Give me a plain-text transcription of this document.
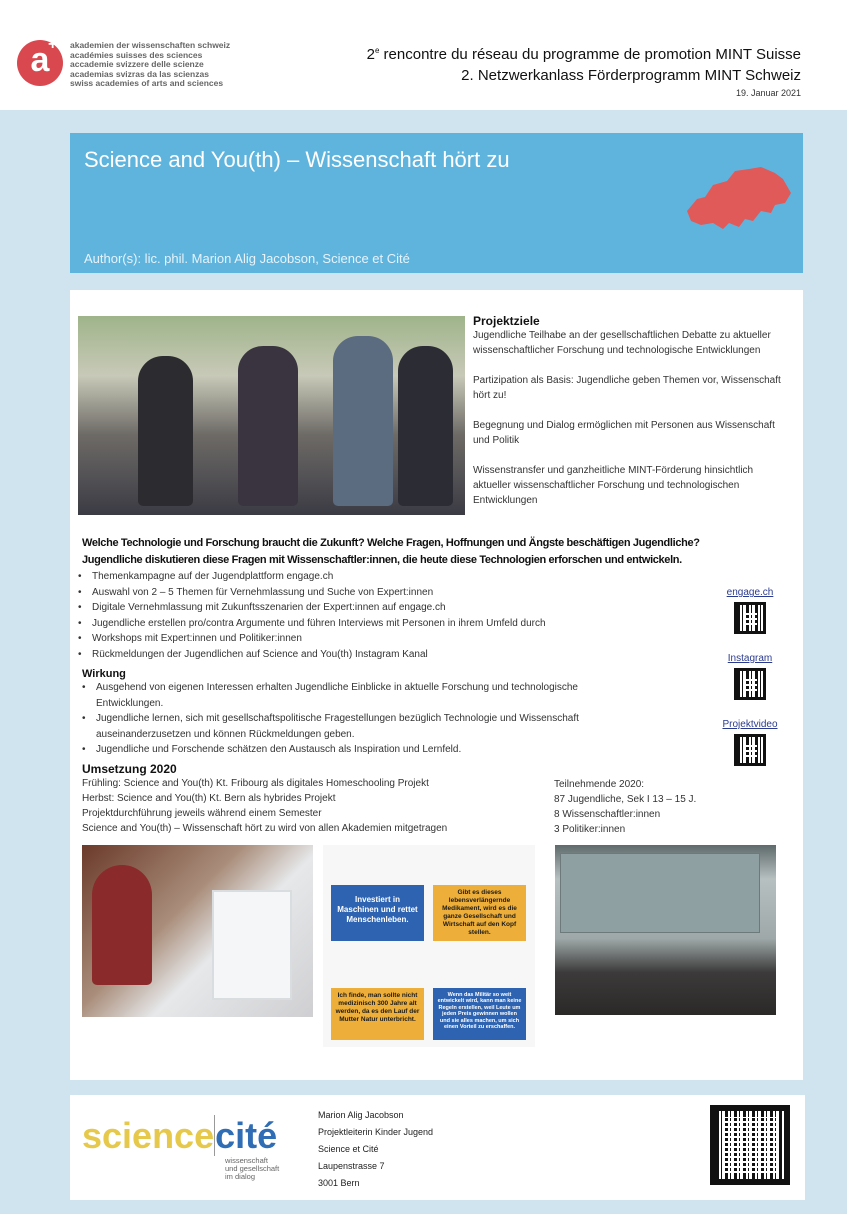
a
+ akademien der wissenschaften schweiz
académies suisses des sciences
accademie svizzere delle scienze
academias svizras da las scienzas
swiss academies of arts and sciences
2e rencontre du réseau du programme de promotion MINT Suisse
2. Netzwerkanlass Förderprogramm MINT Schweiz
19. Januar 2021
Science and You(th) – Wissenschaft hört zu
Author(s): lic. phil. Marion Alig Jacobson, Science et Cité
Projektziele

Jugendliche Teilhabe an der gesellschaftlichen Debatte zu aktueller wissenschaftlicher Forschung und technologische Entwicklungen

Partizipation als Basis: Jugendliche geben Themen vor, Wissenschaft hört zu!

Begegnung und Dialog ermöglichen mit Personen aus Wissenschaft und Politik

Wissenstransfer und ganzheitliche MINT-Förderung hinsichtlich aktueller wissenschaftlicher Forschung und technologischen Entwicklungen

engage.ch
Instagram
Projektvideo
Welche Technologie und Forschung braucht die Zukunft? Welche Fragen, Hoffnungen und Ängste beschäftigen Jugendliche?
Jugendliche diskutieren diese Fragen mit Wissenschaftler:innen, die heute diese Technologien erforschen und entwickeln.
• Themenkampagne auf der Jugendplattform engage.ch
• Auswahl von 2 – 5 Themen für Vernehmlassung und Suche von Expert:innen
• Digitale Vernehmlassung mit Zukunftsszenarien der Expert:innen auf engage.ch
• Jugendliche erstellen pro/contra Argumente und führen Interviews mit Personen in ihrem Umfeld durch
• Workshops mit Expert:innen und Politiker:innen
• Rückmeldungen der Jugendlichen auf Science and You(th) Instagram Kanal
Wirkung
• Ausgehend von eigenen Interessen erhalten Jugendliche Einblicke in aktuelle Forschung und technologische Entwicklungen.
• Jugendliche lernen, sich mit gesellschaftspolitische Fragestellungen bezüglich Technologie und Wissenschaft auseinanderzusetzen und können Rückmeldungen geben.
• Jugendliche und Forschende schätzen den Austausch als Inspiration und Lernfeld.
Umsetzung 2020
Frühling: Science and You(th) Kt. Fribourg als digitales Homeschooling Projekt
Herbst: Science and You(th) Kt. Bern als hybrides Projekt
Projektdurchführung jeweils während einem Semester
Science and You(th) – Wissenschaft hört zu wird von allen Akademien mitgetragen
Teilnehmende 2020:
87 Jugendliche, Sek I 13 – 15 J.
8 Wissenschaftler:innen
3 Politiker:innen
Investiert in Maschinen und rettet Menschenleben.
Gibt es dieses lebensverlängernde Medikament, wird es die ganze Gesellschaft und Wirtschaft auf den Kopf stellen.
Ich finde, man sollte nicht medizinisch 300 Jahre alt werden, da es den Lauf der Mutter Natur unterbricht.
Wenn das Militär so weit entwickelt wird, kann man keine Regeln erstellen, weil Leute um jeden Preis gewinnen wollen und sie alles machen, um sich einen Vorteil zu erschaffen.
sciencecité
wissenschaft
und gesellschaft
im dialog
Marion Alig Jacobson
Projektleiterin Kinder Jugend
Science et Cité
Laupenstrasse 7
3001 Bern
